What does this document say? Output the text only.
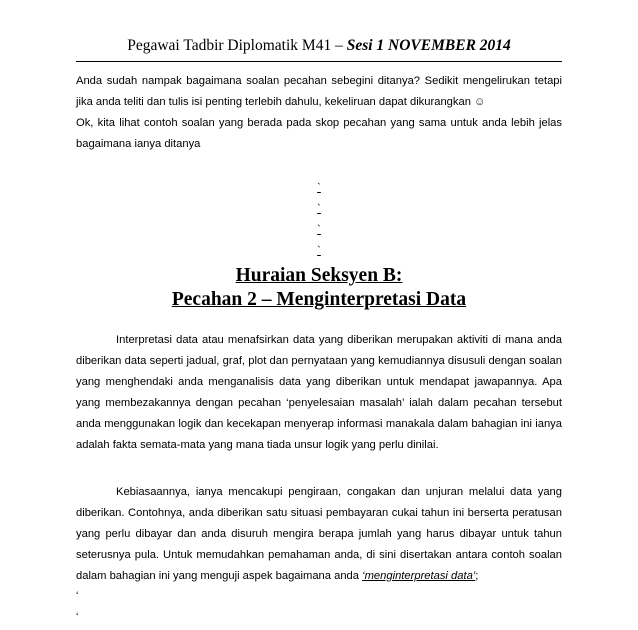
Pegawai Tadbir Diplomatik M41 – Sesi 1 NOVEMBER 2014
Anda sudah nampak bagaimana soalan pecahan sebegini ditanya? Sedikit mengelirukan tetapi jika anda teliti dan tulis isi penting terlebih dahulu, kekeliruan dapat dikurangkan ☺
Ok, kita lihat contoh soalan yang berada pada skop pecahan yang sama untuk anda lebih jelas bagaimana ianya ditanya
`
`
`
`
Huraian Seksyen B:
Pecahan 2 – Menginterpretasi Data
Interpretasi data atau menafsirkan data yang diberikan merupakan aktiviti di mana anda diberikan data seperti jadual, graf, plot dan pernyataan yang kemudiannya disusuli dengan soalan yang menghendaki anda menganalisis data yang diberikan untuk mendapat jawapannya. Apa yang membezakannya dengan pecahan ‘penyelesaian masalah’ ialah dalam pecahan tersebut anda menggunakan logik dan kecekapan menyerap informasi manakala dalam bahagian ini ianya adalah fakta semata-mata yang mana tiada unsur logik yang perlu dinilai.
Kebiasaannya, ianya mencakupi pengiraan, congakan dan unjuran melalui data yang diberikan. Contohnya, anda diberikan satu situasi pembayaran cukai tahun ini berserta peratusan yang perlu dibayar dan anda disuruh mengira berapa jumlah yang harus dibayar untuk tahun seterusnya pula. Untuk memudahkan pemahaman anda, di sini disertakan antara contoh soalan dalam bahagian ini yang menguji aspek bagaimana anda ‘menginterpretasi data’;
‘
‘
